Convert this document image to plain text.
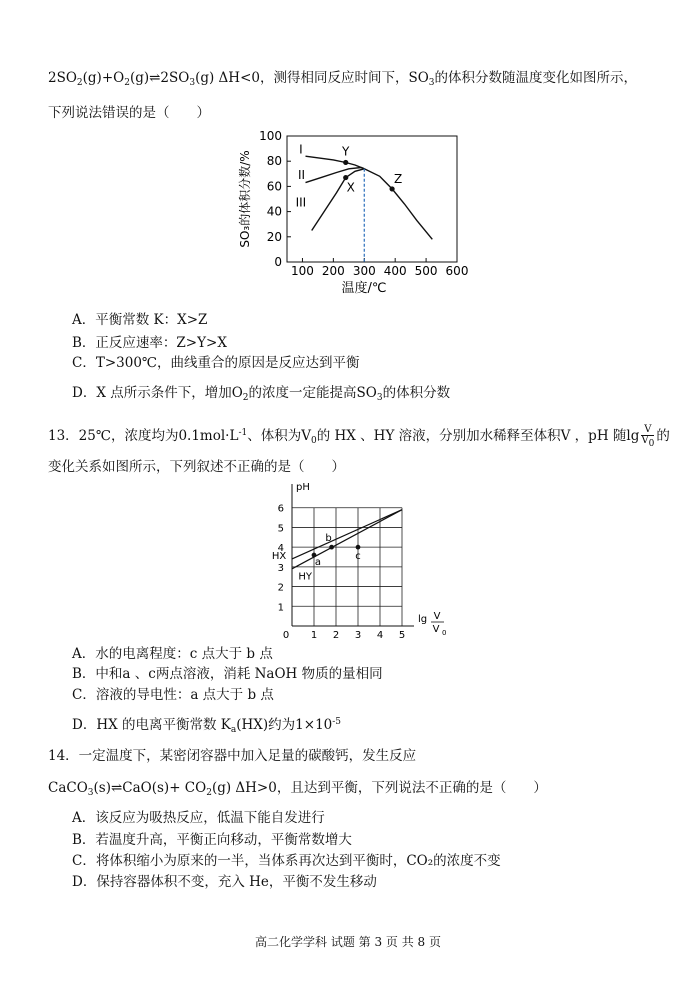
$2SO_2(g)+O_2(g)\rightleftharpoons 2SO_3(g)$ ΔH<0，测得相同反应时间下，$SO_3$的体积分数随温度变化如图所示，
下列说法错误的是（　　）
100 200 300 400 500 600
0
20
40
60
80
100
Y
X
Z
I
II
III
温度/℃
SO₃的体积分数/%
A．平衡常数 K：X>Z
B．正反应速率：Z>Y>X
C．T>300℃，曲线重合的原因是反应达到平衡
D．X 点所示条件下，增加$O_2$的浓度一定能提高$SO_3$的体积分数
13．25℃，浓度均为$0.1mol\cdot L^{-1}$、体积为$V_0$的 HX 、HY 溶液，分别加水稀释至体积V ，pH 随$\lg \frac{V}{V_0}$ 的
变化关系如图所示，下列叙述不正确的是（　　）
0 1 2 3 4 5
1
2
3
4
5
6
a
b
c
HX
HY
pH
lg V
V 0
A．水的电离程度：c 点大于 b 点
B．中和a 、c两点溶液，消耗 NaOH 物质的量相同
C．溶液的导电性：a 点大于 b 点
D．HX 的电离平衡常数 $K_a(HX)$约为$1\times 10^{-5}$
14．一定温度下，某密闭容器中加入足量的碳酸钙，发生反应
CaCO$_3$(s)⇌CaO(s)+ $CO_2(g)$ ΔH>0，且达到平衡，下列说法不正确的是（　　）
A．该反应为吸热反应，低温下能自发进行
B．若温度升高，平衡正向移动，平衡常数增大
C．将体积缩小为原来的一半，当体系再次达到平衡时，CO₂的浓度不变
D．保持容器体积不变，充入 He，平衡不发生移动
高二化学学科 试题 第 3 页 共 8 页
